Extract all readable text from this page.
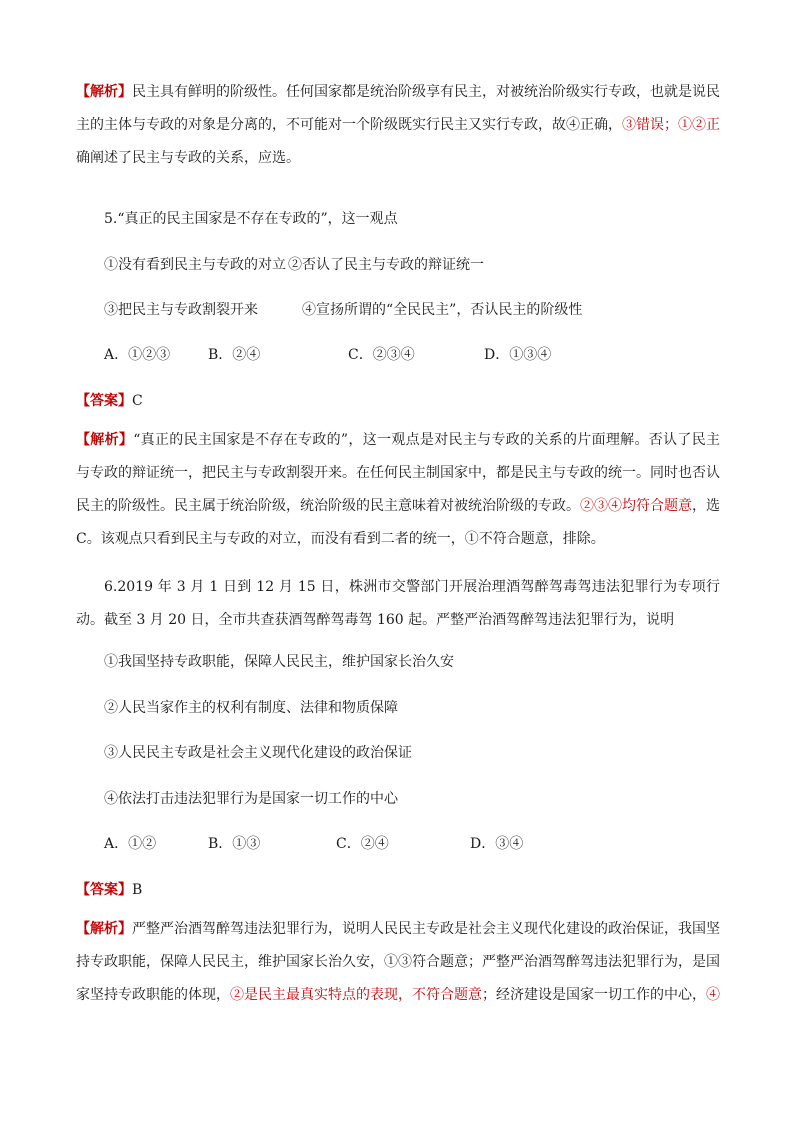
【解析】民主具有鲜明的阶级性。任何国家都是统治阶级享有民主，对被统治阶级实行专政，也就是说民主的主体与专政的对象是分离的，不可能对一个阶级既实行民主又实行专政，故④正确，③错误；①②正确阐述了民主与专政的关系，应选。

5.“真正的民主国家是不存在专政的”，这一观点
①没有看到民主与专政的对立 ②否认了民主与专政的辩证统一
③把民主与专政割裂开来	④宣扬所谓的“全民民主”，否认民主的阶级性
A．①②③	B．②④	C．②③④	D．①③④
【答案】C

【解析】“真正的民主国家是不存在专政的”，这一观点是对民主与专政的关系的片面理解。否认了民主与专政的辩证统一，把民主与专政割裂开来。在任何民主制国家中，都是民主与专政的统一。同时也否认民主的阶级性。民主属于统治阶级，统治阶级的民主意味着对被统治阶级的专政。②③④均符合题意，选 C。该观点只看到民主与专政的对立，而没有看到二者的统一，①不符合题意，排除。

6.2019 年 3 月 1 日到 12 月 15 日，株洲市交警部门开展治理酒驾醉驾毒驾违法犯罪行为专项行动。截至 3 月 20 日，全市共查获酒驾醉驾毒驾 160 起。严整严治酒驾醉驾违法犯罪行为，说明

①我国坚持专政职能，保障人民民主，维护国家长治久安
②人民当家作主的权利有制度、法律和物质保障
③人民民主专政是社会主义现代化建设的政治保证
④依法打击违法犯罪行为是国家一切工作的中心
A．①②	B．①③	C．②④	D．③④
【答案】B

【解析】严整严治酒驾醉驾违法犯罪行为，说明人民民主专政是社会主义现代化建设的政治保证，我国坚持专政职能，保障人民民主，维护国家长治久安，①③符合题意；严整严治酒驾醉驾违法犯罪行为，是国家坚持专政职能的体现，②是民主最真实特点的表现，不符合题意；经济建设是国家一切工作的中心，④
